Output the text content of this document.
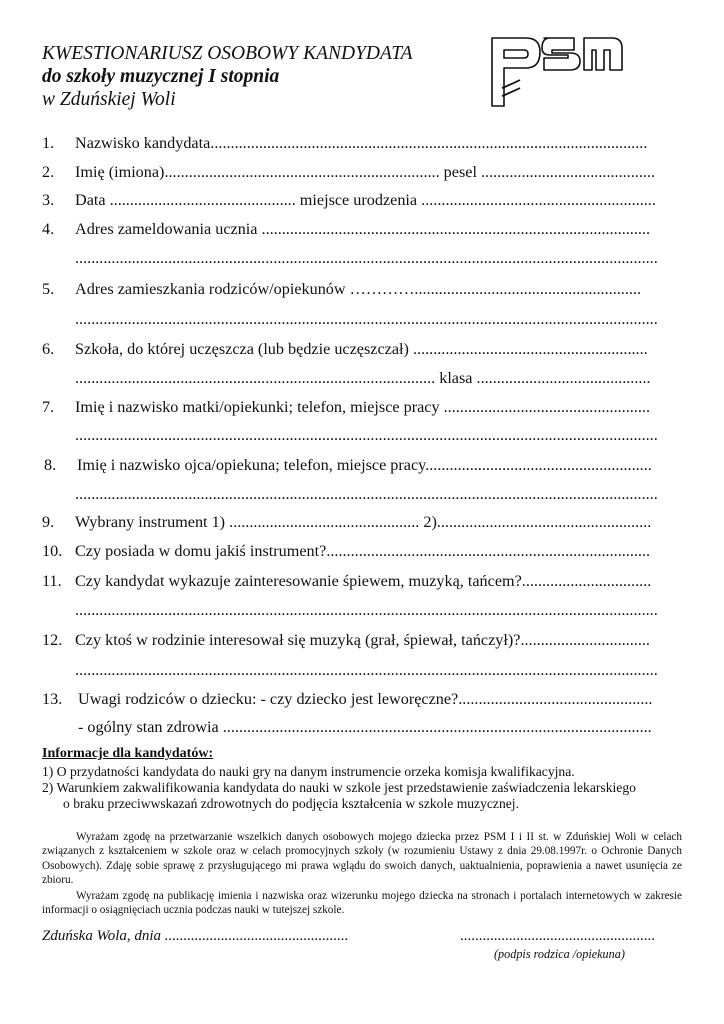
KWESTIONARIUSZ OSOBOWY KANDYDATA
do szkoły muzycznej I stopnia
w Zduńskiej Woli
1. Nazwisko kandydata............................................................................................................
2. Imię (imiona).................................................................... pesel ...........................................
3. Data .............................................. miejsce urodzenia ..........................................................
4. Adres zameldowania ucznia ................................................................................................
................................................................................................................................................
5. Adres zamieszkania rodziców/opiekunów …………........................................................
................................................................................................................................................
6. Szkoła, do której uczęszcza (lub będzie uczęszczał) ..........................................................
......................................................................................... klasa ...........................................
7. Imię i nazwisko matki/opiekunki; telefon, miejsce pracy ...................................................
................................................................................................................................................
8. Imię i nazwisko ojca/opiekuna; telefon, miejsce pracy........................................................
................................................................................................................................................
9. Wybrany instrument 1) ............................................... 2).....................................................
10. Czy posiada w domu jakiś instrument?................................................................................
11. Czy kandydat wykazuje zainteresowanie śpiewem, muzyką, tańcem?................................
................................................................................................................................................
12. Czy ktoś w rodzinie interesował się muzyką (grał, śpiewał, tańczył)?................................
................................................................................................................................................
13. Uwagi rodziców o dziecku: - czy dziecko jest leworęczne?................................................
- ogólny stan zdrowia ..........................................................................................................
Informacje dla kandydatów:
1) O przydatności kandydata do nauki gry na danym instrumencie orzeka komisja kwalifikacyjna.
2) Warunkiem zakwalifikowania kandydata do nauki w szkole jest przedstawienie zaświadczenia lekarskiego
o braku przeciwwskazań zdrowotnych do podjęcia kształcenia w szkole muzycznej.

Wyrażam zgodę na przetwarzanie wszelkich danych osobowych mojego dziecka przez PSM I i II st. w Zduńskiej Woli w celach związanych z kształceniem w szkole oraz w celach promocyjnych szkoły (w rozumieniu Ustawy z dnia 29.08.1997r. o Ochronie Danych Osobowych). Zdaję sobie sprawę z przysługującego mi prawa wglądu do swoich danych, uaktualnienia, poprawienia a nawet usunięcia ze zbioru.

Wyrażam zgodę na publikację imienia i nazwiska oraz wizerunku mojego dziecka na stronach i portalach internetowych w zakresie informacji o osiągnięciach ucznia podczas nauki w tutejszej szkole.

Zduńska Wola, dnia .................................................	....................................................
(podpis rodzica /opiekuna)
